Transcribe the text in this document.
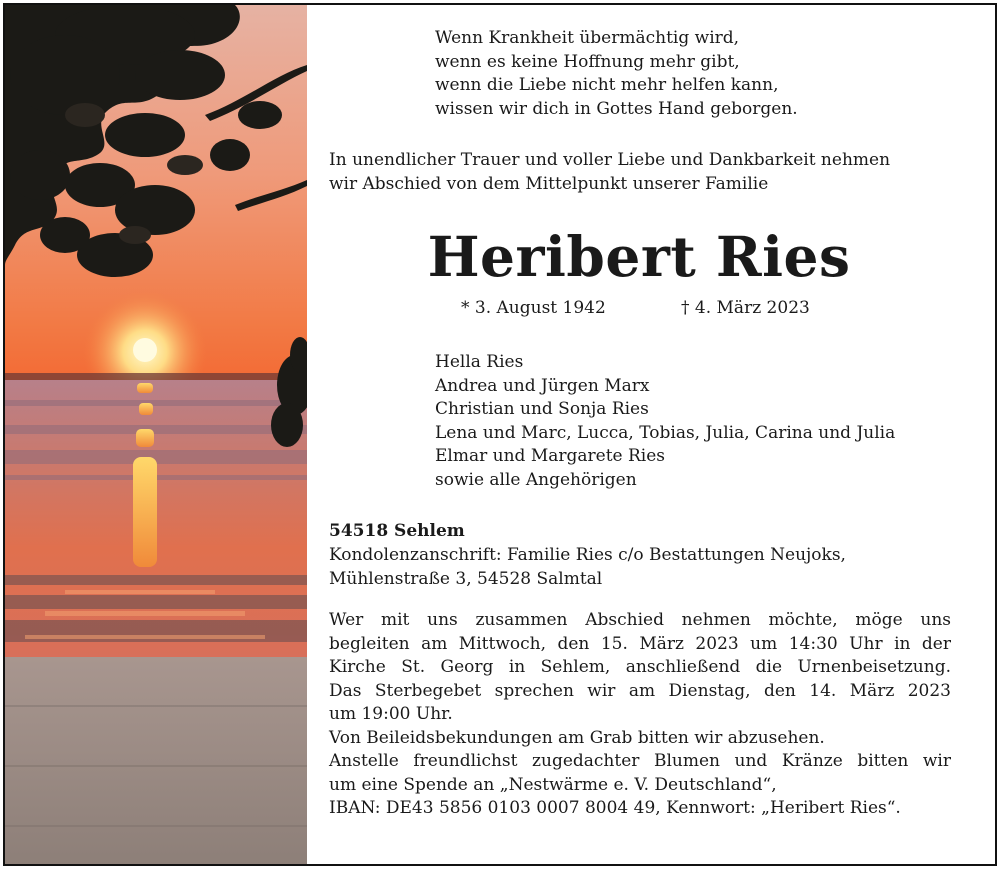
Wenn Krankheit übermächtig wird,
wenn es keine Hoffnung mehr gibt,
wenn die Liebe nicht mehr helfen kann,
wissen wir dich in Gottes Hand geborgen.
In unendlicher Trauer und voller Liebe und Dankbarkeit nehmen
wir Abschied von dem Mittelpunkt unserer Familie
Heribert Ries
* 3. August 1942	† 4. März 2023
Hella Ries
Andrea und Jürgen Marx
Christian und Sonja Ries
Lena und Marc, Lucca, Tobias, Julia, Carina und Julia
Elmar und Margarete Ries
sowie alle Angehörigen
54518 Sehlem
Kondolenzanschrift: Familie Ries c/o Bestattungen Neujoks,
Mühlenstraße 3, 54528 Salmtal
Wer mit uns zusammen Abschied nehmen möchte, möge uns
begleiten am Mittwoch, den 15. März 2023 um 14:30 Uhr in der
Kirche St. Georg in Sehlem, anschließend die Urnenbeisetzung.
Das Sterbegebet sprechen wir am Dienstag, den 14. März 2023
um 19:00 Uhr.
Von Beileidsbekundungen am Grab bitten wir abzusehen.
Anstelle freundlichst zugedachter Blumen und Kränze bitten wir
um eine Spende an „Nestwärme e. V. Deutschland“,
IBAN: DE43 5856 0103 0007 8004 49, Kennwort: „Heribert Ries“.
